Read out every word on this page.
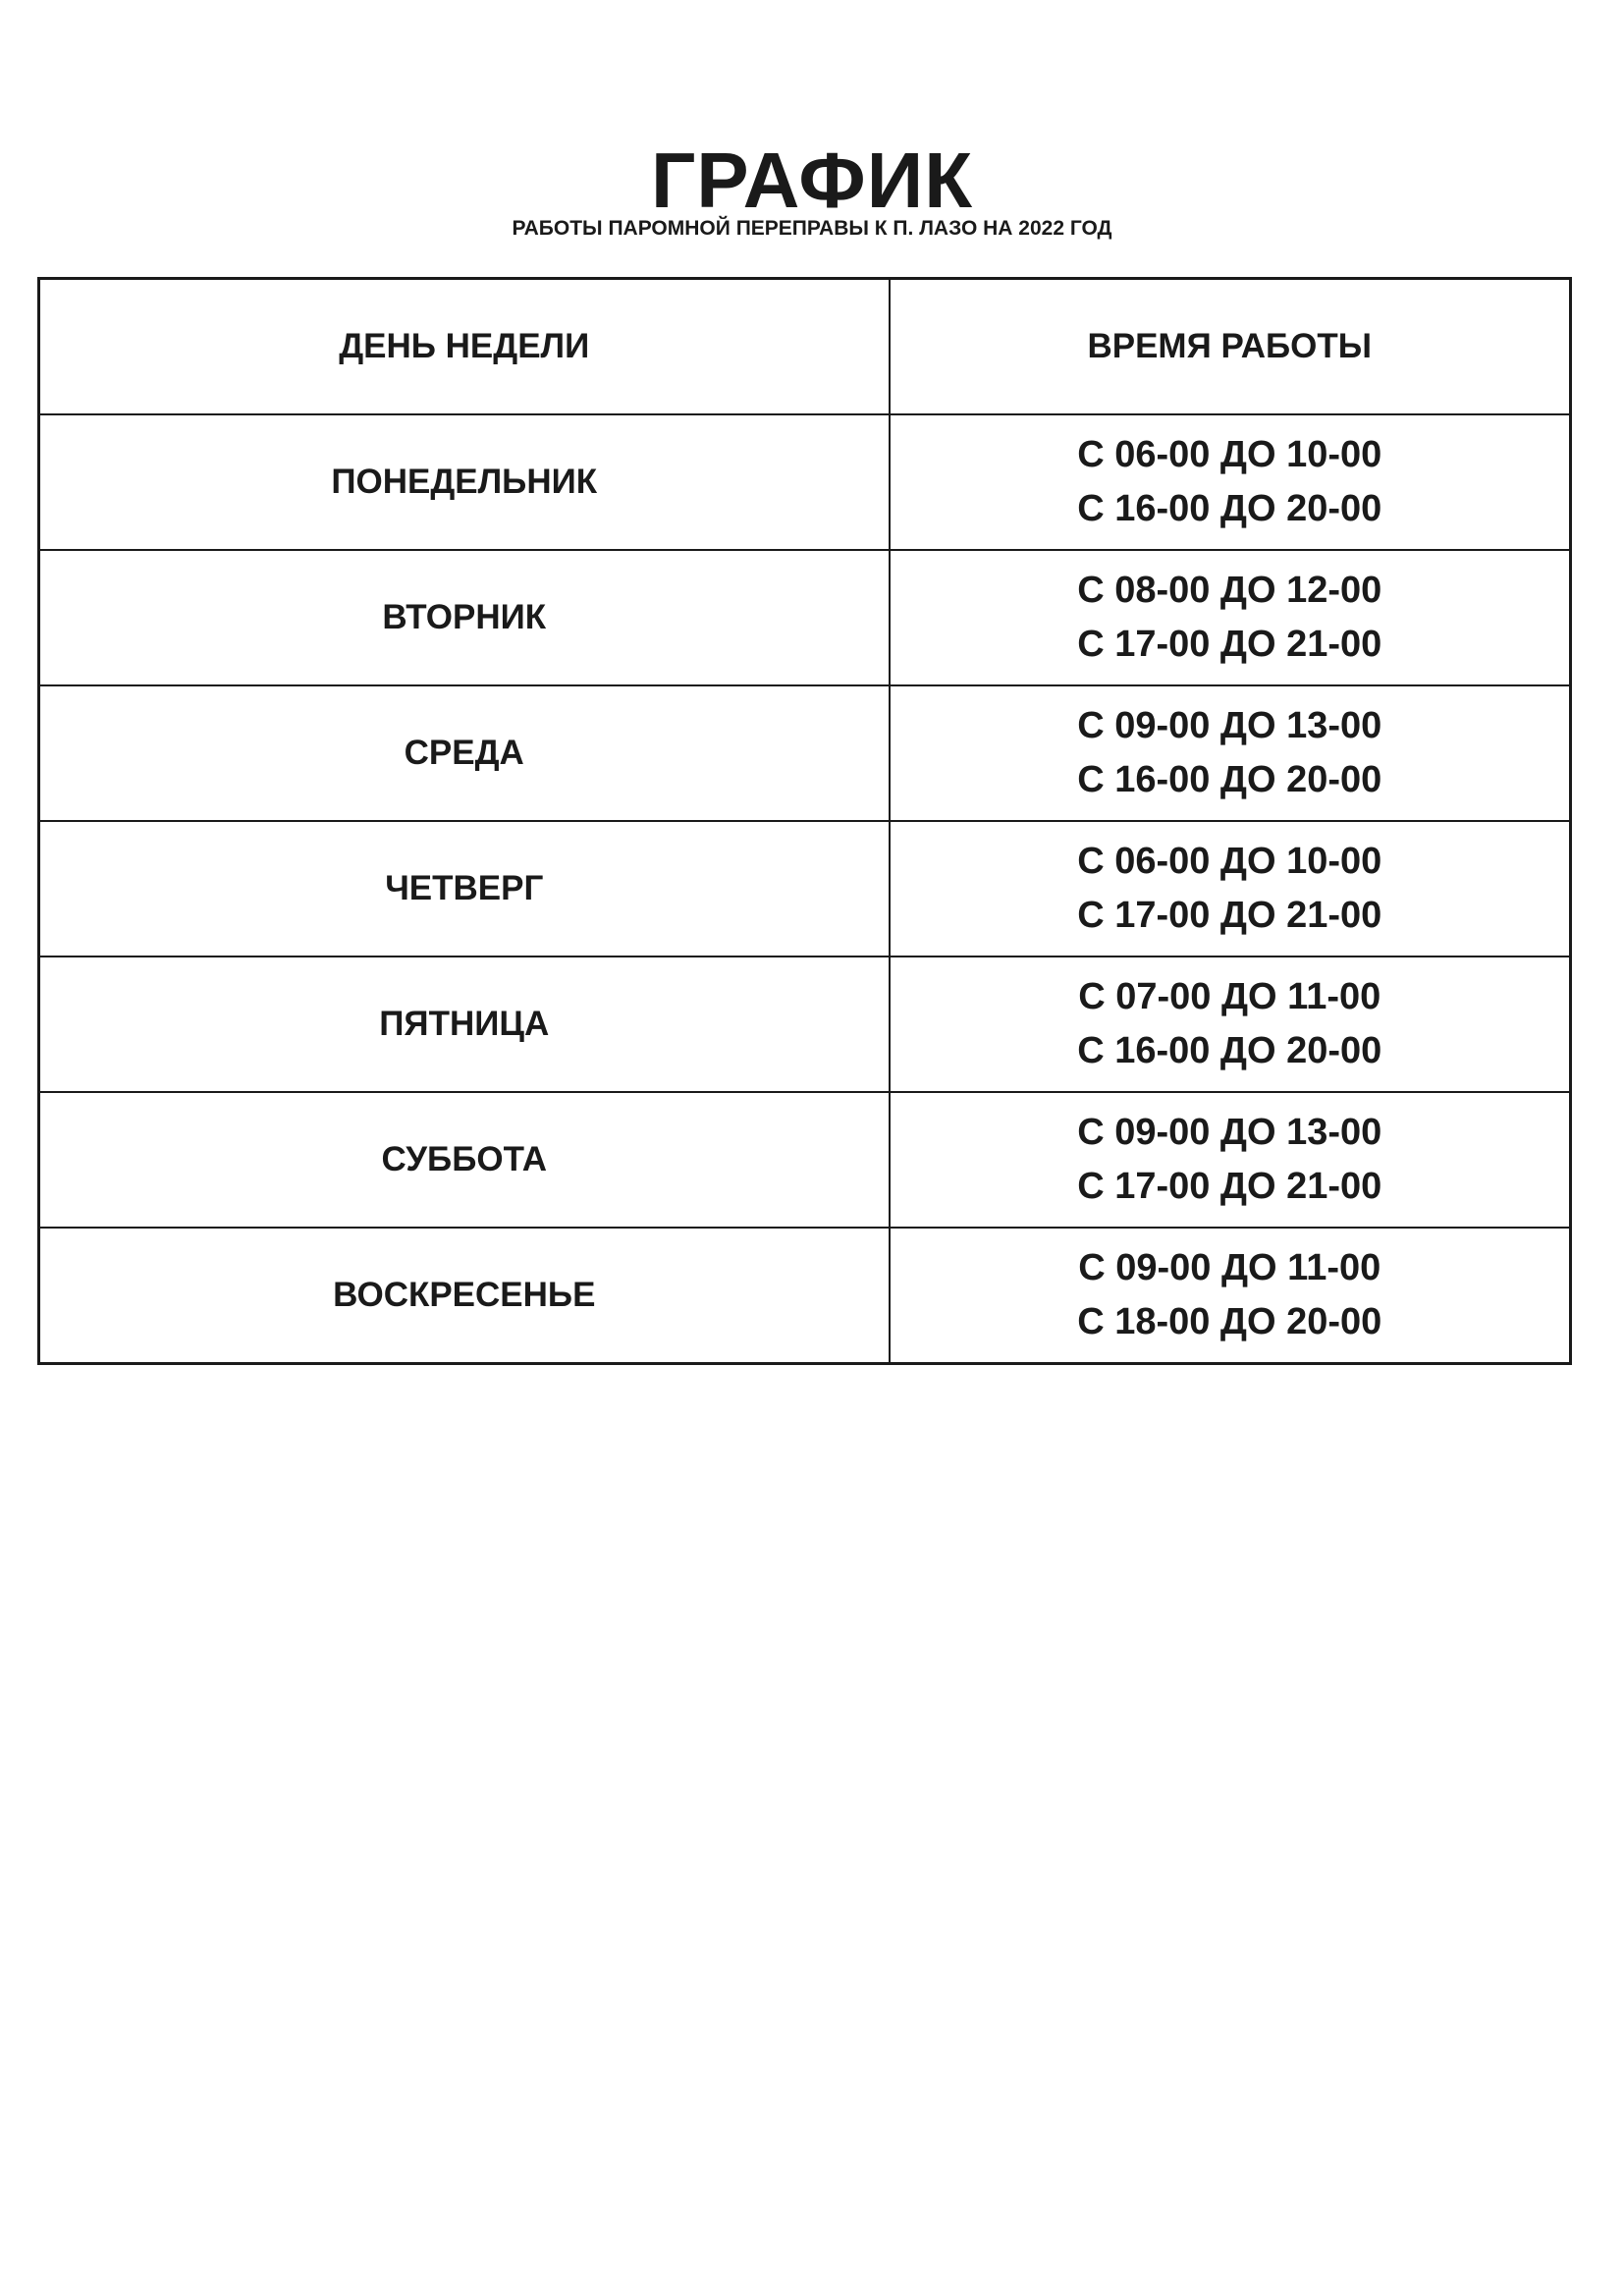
ГРАФИК
РАБОТЫ ПАРОМНОЙ ПЕРЕПРАВЫ К П. ЛАЗО НА 2022 ГОД
ДЕНЬ НЕДЕЛИ	ВРЕМЯ РАБОТЫ
ПОНЕДЕЛЬНИК	С 06-00 ДО 10-00
С 16-00 ДО 20-00

ВТОРНИК	С 08-00 ДО 12-00
С 17-00 ДО 21-00

СРЕДА	С 09-00 ДО 13-00
С 16-00 ДО 20-00

ЧЕТВЕРГ	С 06-00 ДО 10-00
С 17-00 ДО 21-00

ПЯТНИЦА	С 07-00 ДО 11-00
С 16-00 ДО 20-00

СУББОТА	С 09-00 ДО 13-00
С 17-00 ДО 21-00

ВОСКРЕСЕНЬЕ	С 09-00 ДО 11-00
С 18-00 ДО 20-00
